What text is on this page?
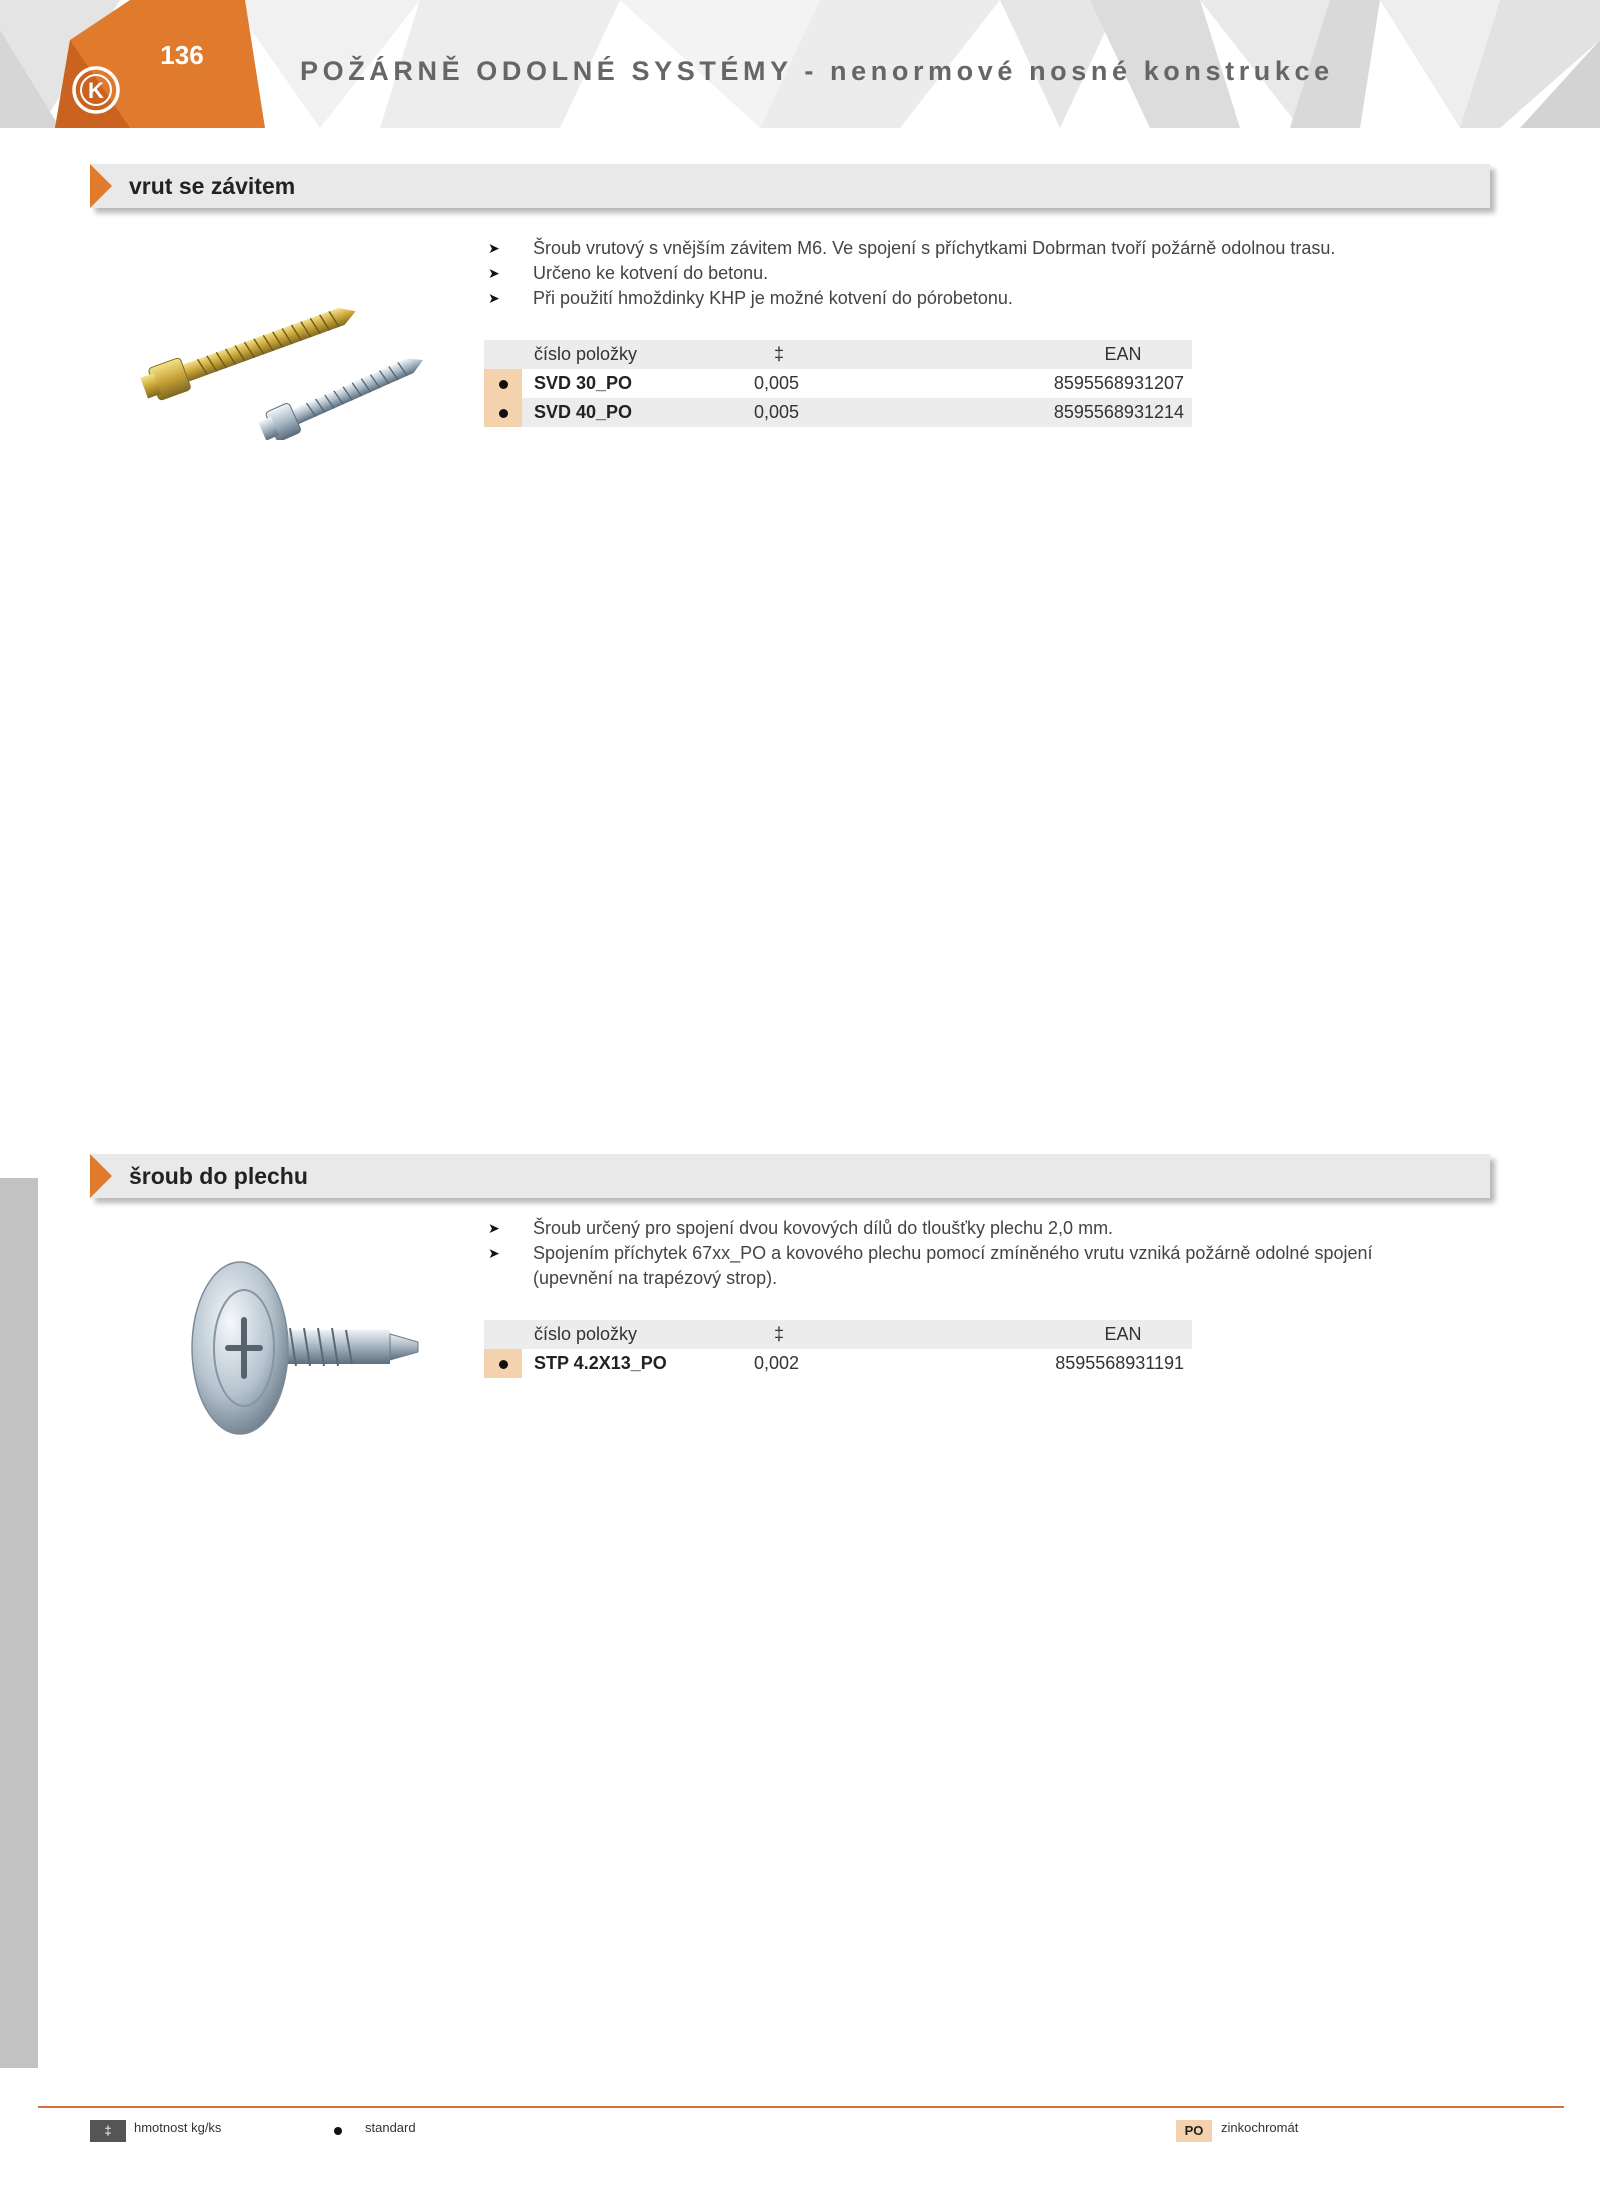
136
K
POŽÁRNĚ ODOLNÉ SYSTÉMY - nenormové nosné konstrukce
vrut se závitem
➤ Šroub vrutový s vnějším závitem M6. Ve spojení s příchytkami Dobrman tvoří požárně odolnou trasu.
➤ Určeno ke kotvení do betonu.
➤ Při použití hmoždinky KHP je možné kotvení do pórobetonu.
	číslo položky	‡	EAN
	SVD 30_PO	0,005	8595568931207
	SVD 40_PO	0,005	8595568931214
šroub do plechu
➤ Šroub určený pro spojení dvou kovových dílů do tloušťky plechu 2,0 mm.
➤ Spojením příchytek 67xx_PO a kovového plechu pomocí zmíněného vrutu vzniká požárně odolné spojení (upevnění na trapézový strop).
	číslo položky	‡	EAN
	STP 4.2X13_PO	0,002	8595568931191
‡	hmotnost kg/ks	standard	PO	zinkochromát
